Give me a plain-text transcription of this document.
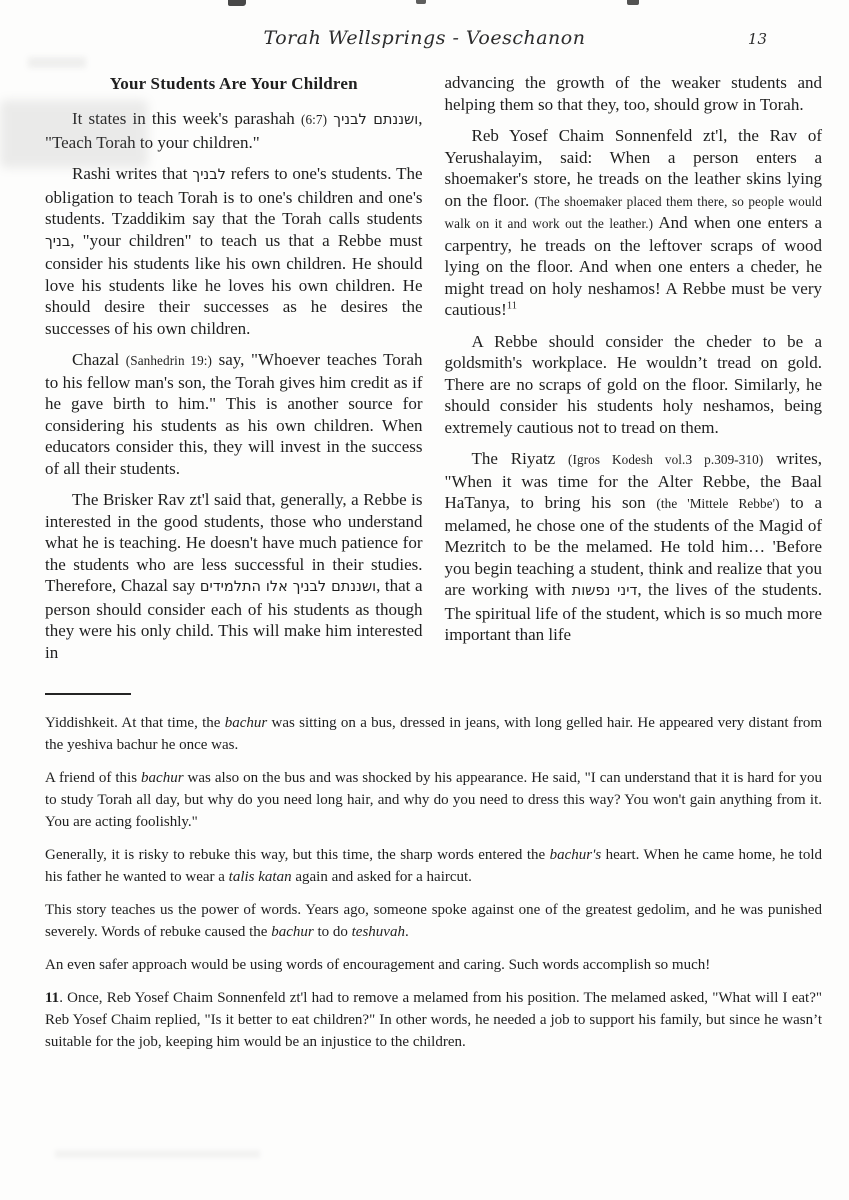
Torah Wellsprings - Voeschanon	13
Your Students Are Your Children

It states in this week's parashah (6:7) ושננתם לבניך, "Teach Torah to your children."

Rashi writes that לבניך refers to one's students. The obligation to teach Torah is to one's children and one's students. Tzaddikim say that the Torah calls students בניך, "your children" to teach us that a Rebbe must consider his students like his own children. He should love his students like he loves his own children. He should desire their successes as he desires the successes of his own children.

Chazal (Sanhedrin 19:) say, "Whoever teaches Torah to his fellow man's son, the Torah gives him credit as if he gave birth to him." This is another source for considering his students as his own children. When educators consider this, they will invest in the success of all their students.

The Brisker Rav zt'l said that, generally, a Rebbe is interested in the good students, those who understand what he is teaching. He doesn't have much patience for the students who are less successful in their studies. Therefore, Chazal say ושננתם לבניך אלו התלמידים, that a person should consider each of his students as though they were his only child. This will make him interested in

advancing the growth of the weaker students and helping them so that they, too, should grow in Torah.

Reb Yosef Chaim Sonnenfeld zt'l, the Rav of Yerushalayim, said: When a person enters a shoemaker's store, he treads on the leather skins lying on the floor. (The shoemaker placed them there, so people would walk on it and work out the leather.) And when one enters a carpentry, he treads on the leftover scraps of wood lying on the floor. And when one enters a cheder, he might tread on holy neshamos! A Rebbe must be very cautious!$^{11}$

A Rebbe should consider the cheder to be a goldsmith's workplace. He wouldn’t tread on gold. There are no scraps of gold on the floor. Similarly, he should consider his students holy neshamos, being extremely cautious not to tread on them.

The Riyatz (Igros Kodesh vol.3 p.309-310) writes, "When it was time for the Alter Rebbe, the Baal HaTanya, to bring his son (the 'Mittele Rebbe') to a melamed, he chose one of the students of the Magid of Mezritch to be the melamed. He told him… 'Before you begin teaching a student, think and realize that you are working with דיני נפשות, the lives of the students. The spiritual life of the student, which is so much more important than life

Yiddishkeit. At that time, the bachur was sitting on a bus, dressed in jeans, with long gelled hair. He appeared very distant from the yeshiva bachur he once was.

A friend of this bachur was also on the bus and was shocked by his appearance. He said, "I can understand that it is hard for you to study Torah all day, but why do you need long hair, and why do you need to dress this way? You won't gain anything from it. You are acting foolishly."

Generally, it is risky to rebuke this way, but this time, the sharp words entered the bachur's heart. When he came home, he told his father he wanted to wear a talis katan again and asked for a haircut.

This story teaches us the power of words. Years ago, someone spoke against one of the greatest gedolim, and he was punished severely. Words of rebuke caused the bachur to do teshuvah.

An even safer approach would be using words of encouragement and caring. Such words accomplish so much!

11. Once, Reb Yosef Chaim Sonnenfeld zt'l had to remove a melamed from his position. The melamed asked, "What will I eat?" Reb Yosef Chaim replied, "Is it better to eat children?" In other words, he needed a job to support his family, but since he wasn’t suitable for the job, keeping him would be an injustice to the children.
